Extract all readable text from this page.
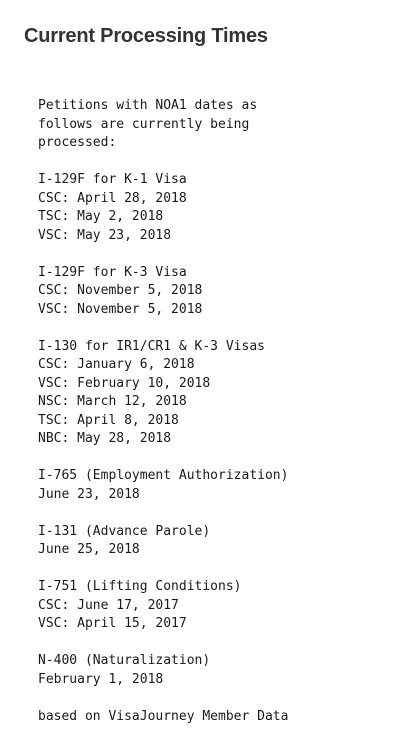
Current Processing Times
Petitions with NOA1 dates as
follows are currently being
processed:
I-129F for K-1 Visa
CSC: April 28, 2018
TSC: May 2, 2018
VSC: May 23, 2018
I-129F for K-3 Visa
CSC: November 5, 2018
VSC: November 5, 2018
I-130 for IR1/CR1 & K-3 Visas
CSC: January 6, 2018
VSC: February 10, 2018
NSC: March 12, 2018
TSC: April 8, 2018
NBC: May 28, 2018
I-765 (Employment Authorization)
June 23, 2018
I-131 (Advance Parole)
June 25, 2018
I-751 (Lifting Conditions)
CSC: June 17, 2017
VSC: April 15, 2017
N-400 (Naturalization)
February 1, 2018
based on VisaJourney Member Data
